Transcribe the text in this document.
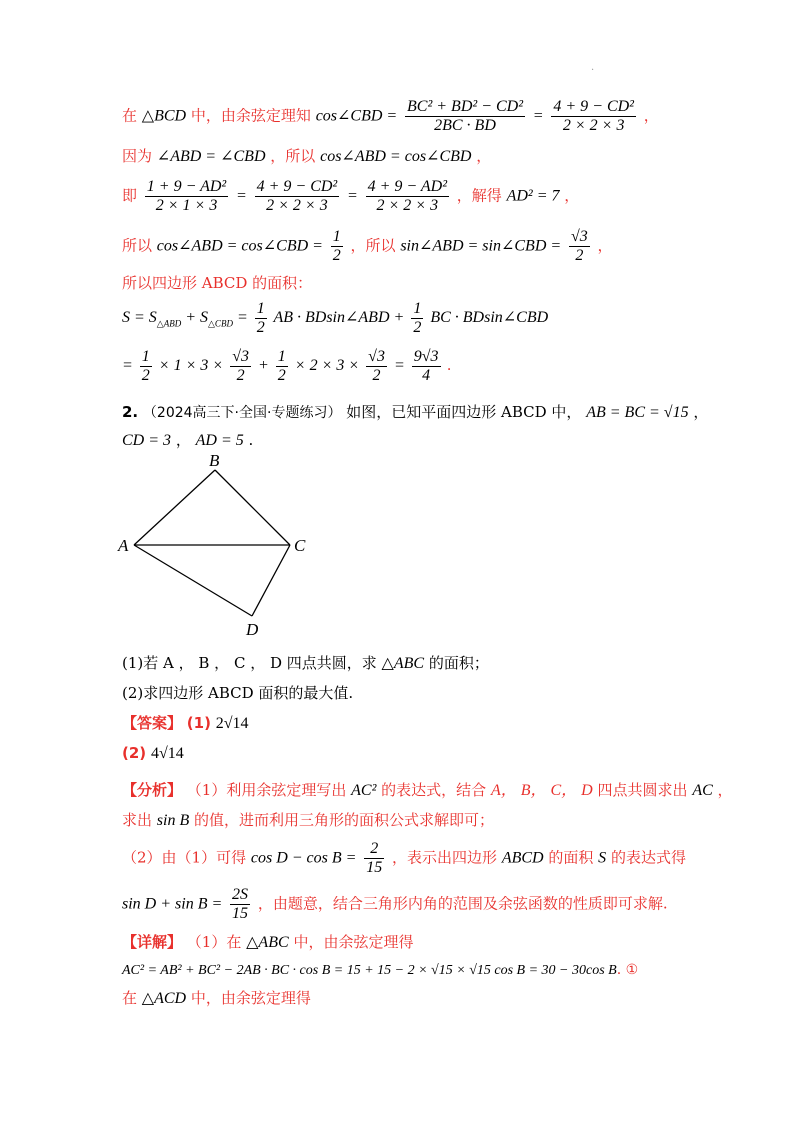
.
在 △BCD 中，由余弦定理知 cos∠CBD = $\frac{\text{BC² + BD² − CD²}}{2BC \cdot BD} = \frac{\text{4 + 9 − CD²}}{2 \times 2 \times 3}$ ，
因为 ∠ABD = ∠CBD ，所以 cos∠ABD = cos∠CBD ，
即 $\frac{\text{1 + 9 − AD²}}{2 \times 1 \times 3} = \frac{\text{4 + 9 − CD²}}{2 \times 2 \times 3} = \frac{\text{4 + 9 − AD²}}{2 \times 2 \times 3}$ ，解得 AD² = 7 ，
所以 cos∠ABD = cos∠CBD = $\frac{1}{2}$ ，所以 sin∠ABD = sin∠CBD = $\frac{√3}{2}$ ，
所以四边形 ABCD 的面积：
$S = S_{\triangle ABD} + S_{\triangle CBD} = \frac{1}{2}$ AB · BDsin∠ABD + $\frac{1}{2}$ BC · BDsin∠CBD
= $\frac{1}{2} \times 1 \times 3 \times \frac{√3}{2} + \frac{1}{2} \times 2 \times 3 \times \frac{√3}{2} = \frac{9√3}{4}$ .
2. （2024高三下·全国·专题练习） 如图，已知平面四边形 ABCD 中， AB = BC = √15 ，
CD = 3 ， AD = 5 .
B
A	C
D
(1)若 A ， B ， C ， D 四点共圆，求 △ABC 的面积；
(2)求四边形 ABCD 面积的最大值.
【答案】 (1) 2√14
(2) 4√14
【分析】 （1）利用余弦定理写出 AC² 的表达式，结合 A， B， C， D 四点共圆求出 AC ，
求出 sin B 的值，进而利用三角形的面积公式求解即可；
（2）由（1）可得 $\cos D - \cos B = \frac{2}{15}$ ，表示出四边形 ABCD 的面积 S 的表达式得
$\sin D + \sin B = \frac{2S}{15}$ ，由题意，结合三角形内角的范围及余弦函数的性质即可求解.
【详解】 （1）在 △ABC 中，由余弦定理得
AC² = AB² + BC² − 2AB · BC · cos B = 15 + 15 − 2 × √15 × √15 cos B = 30 − 30cos B. ①
在 △ACD 中，由余弦定理得
